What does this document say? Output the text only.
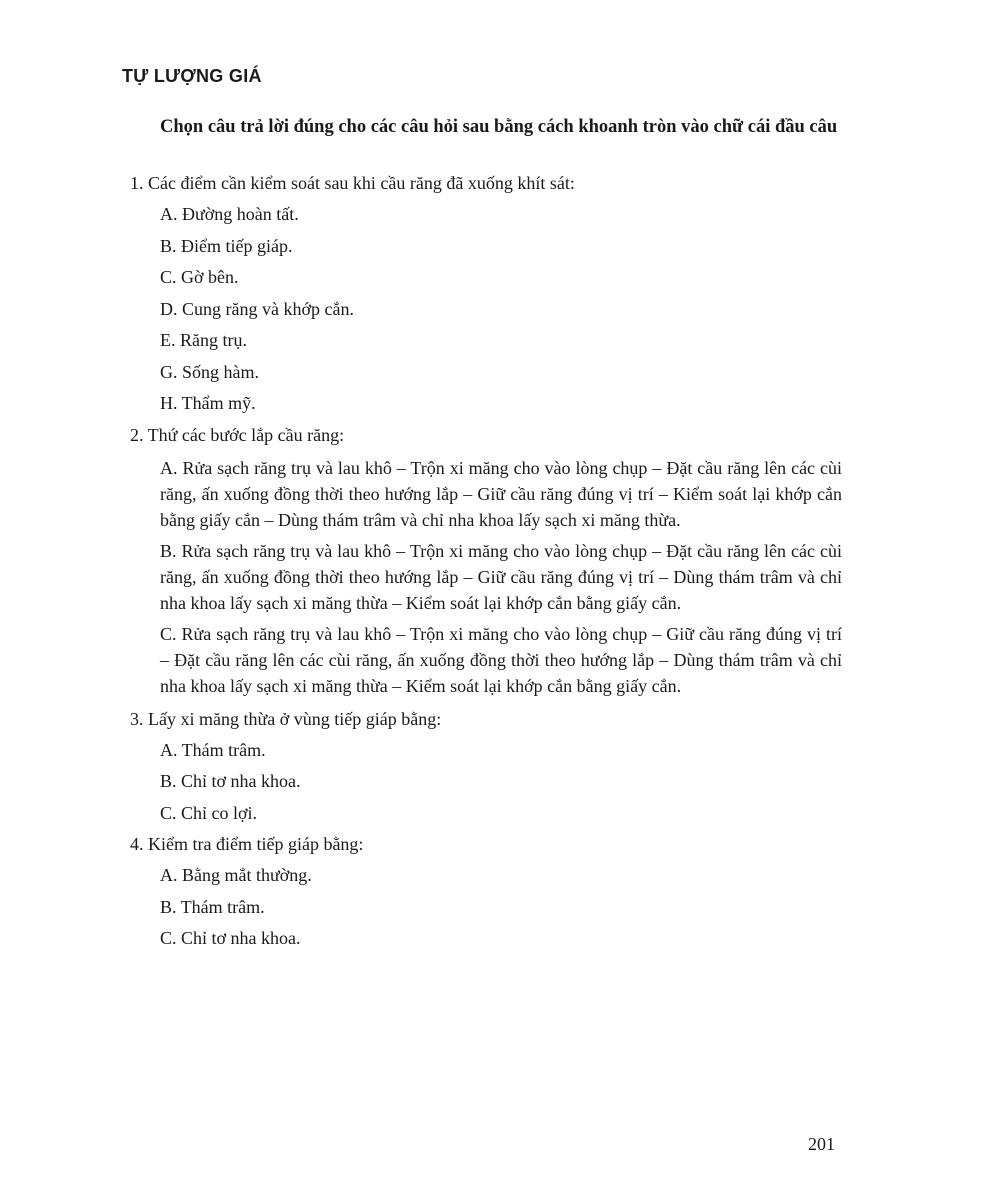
TỰ LƯỢNG GIÁ
Chọn câu trả lời đúng cho các câu hỏi sau bằng cách khoanh tròn vào chữ cái đầu câu

1. Các điểm cần kiểm soát sau khi cầu răng đã xuống khít sát:

A. Đường hoàn tất.

B. Điểm tiếp giáp.

C. Gờ bên.

D. Cung răng và khớp cắn.

E. Răng trụ.

G. Sống hàm.

H. Thẩm mỹ.

2. Thứ các bước lắp cầu răng:

A. Rửa sạch răng trụ và lau khô – Trộn xi măng cho vào lòng chụp – Đặt cầu răng lên các cùi răng, ấn xuống đồng thời theo hướng lắp – Giữ cầu răng đúng vị trí – Kiểm soát lại khớp cắn bằng giấy cắn – Dùng thám trâm và chỉ nha khoa lấy sạch xi măng thừa.

B. Rửa sạch răng trụ và lau khô – Trộn xi măng cho vào lòng chụp – Đặt cầu răng lên các cùi răng, ấn xuống đồng thời theo hướng lắp – Giữ cầu răng đúng vị trí – Dùng thám trâm và chỉ nha khoa lấy sạch xi măng thừa – Kiểm soát lại khớp cắn bằng giấy cắn.

C. Rửa sạch răng trụ và lau khô – Trộn xi măng cho vào lòng chụp – Giữ cầu răng đúng vị trí – Đặt cầu răng lên các cùi răng, ấn xuống đồng thời theo hướng lắp – Dùng thám trâm và chỉ nha khoa lấy sạch xi măng thừa – Kiểm soát lại khớp cắn bằng giấy cắn.

3. Lấy xi măng thừa ở vùng tiếp giáp bằng:

A. Thám trâm.

B. Chỉ tơ nha khoa.

C. Chỉ co lợi.

4. Kiểm tra điểm tiếp giáp bằng:

A. Bằng mắt thường.

B. Thám trâm.

C. Chỉ tơ nha khoa.

201
